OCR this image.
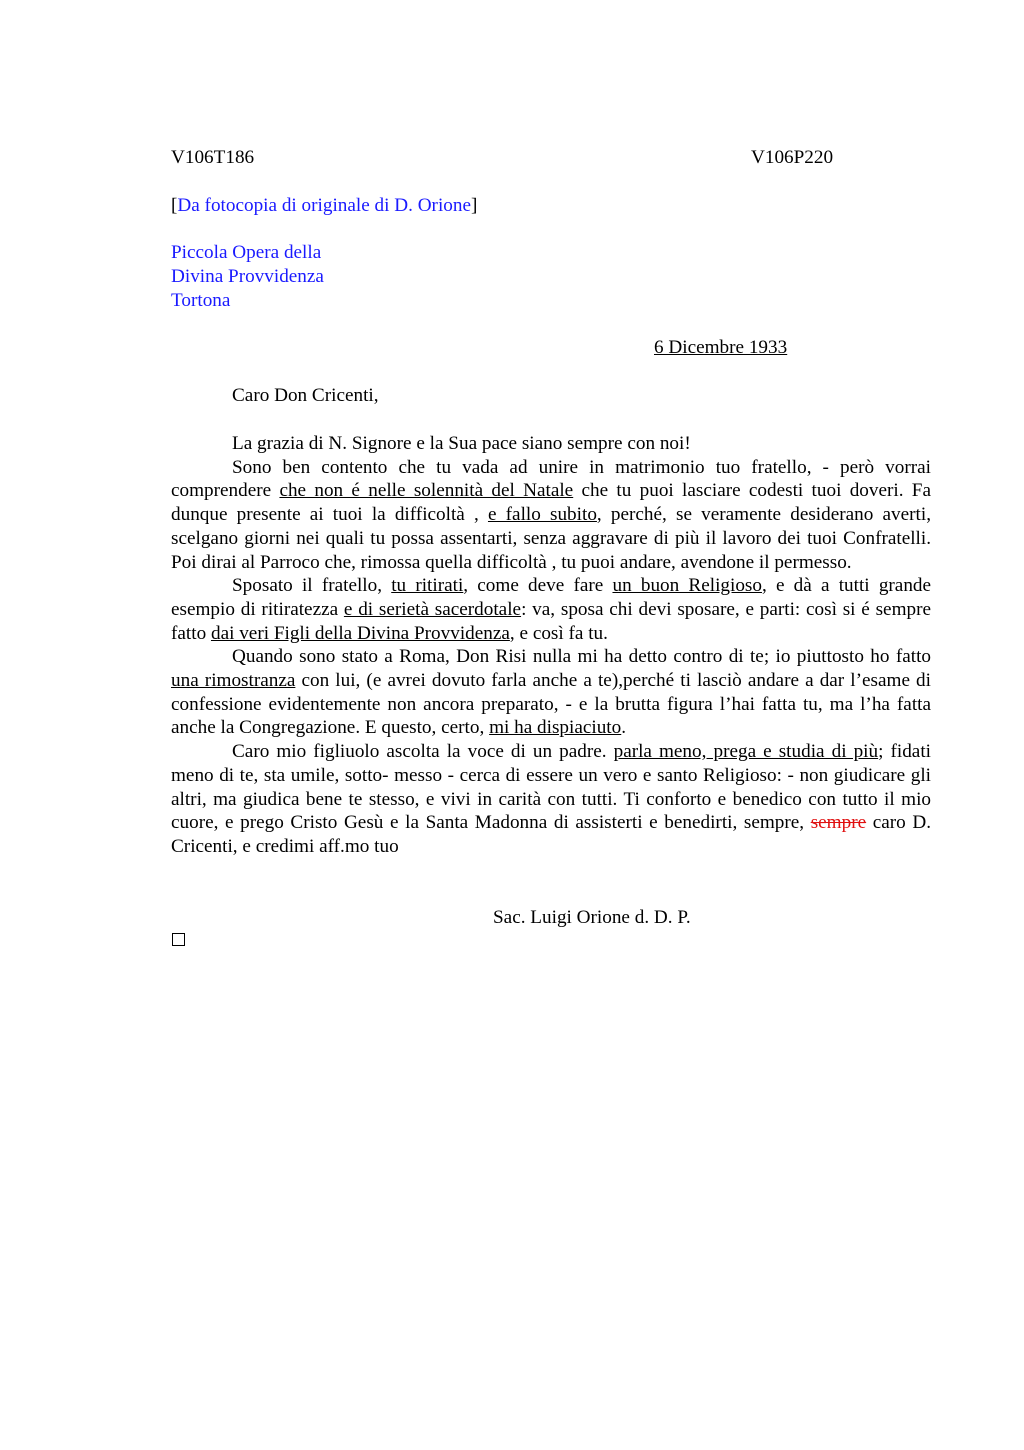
V106T186	V106P220
[Da fotocopia di originale di D. Orione]
Piccola Opera della
Divina Provvidenza
Tortona
6 Dicembre 1933
Caro Don Cricenti,

La grazia di N. Signore e la Sua pace siano sempre con noi!

Sono ben contento che tu vada ad unire in matrimonio tuo fratello, - però vorrai comprendere che non é nelle solennità del Natale che tu puoi lasciare codesti tuoi doveri. Fa dunque presente ai tuoi la difficoltà , e fallo subito, perché, se veramente desiderano averti, scelgano giorni nei quali tu possa assentarti, senza aggravare di più il lavoro dei tuoi Confratelli. Poi dirai al Parroco che, rimossa quella difficoltà , tu puoi andare, avendone il permesso.

Sposato il fratello, tu ritirati, come deve fare un buon Religioso, e dà a tutti grande esempio di ritiratezza e di serietà sacerdotale: va, sposa chi devi sposare, e parti: così si é sempre fatto dai veri Figli della Divina Provvidenza, e così fa tu.

Quando sono stato a Roma, Don Risi nulla mi ha detto contro di te; io piuttosto ho fatto una rimostranza con lui, (e avrei dovuto farla anche a te),perché ti lasciò andare a dar l’esame di confessione evidentemente non ancora preparato, - e la brutta figura l’hai fatta tu, ma l’ha fatta anche la Congregazione. E questo, certo, mi ha dispiaciuto.

Caro mio figliuolo ascolta la voce di un padre. parla meno, prega e studia di più; fidati meno di te, sta umile, sotto- messo - cerca di essere un vero e santo Religioso: - non giudicare gli altri, ma giudica bene te stesso, e vivi in carità con tutti. Ti conforto e benedico con tutto il mio cuore, e prego Cristo Gesù e la Santa Madonna di assisterti e benedirti, sempre, sempre caro D. Cricenti, e credimi aff.mo tuo

Sac. Luigi Orione d. D. P.
